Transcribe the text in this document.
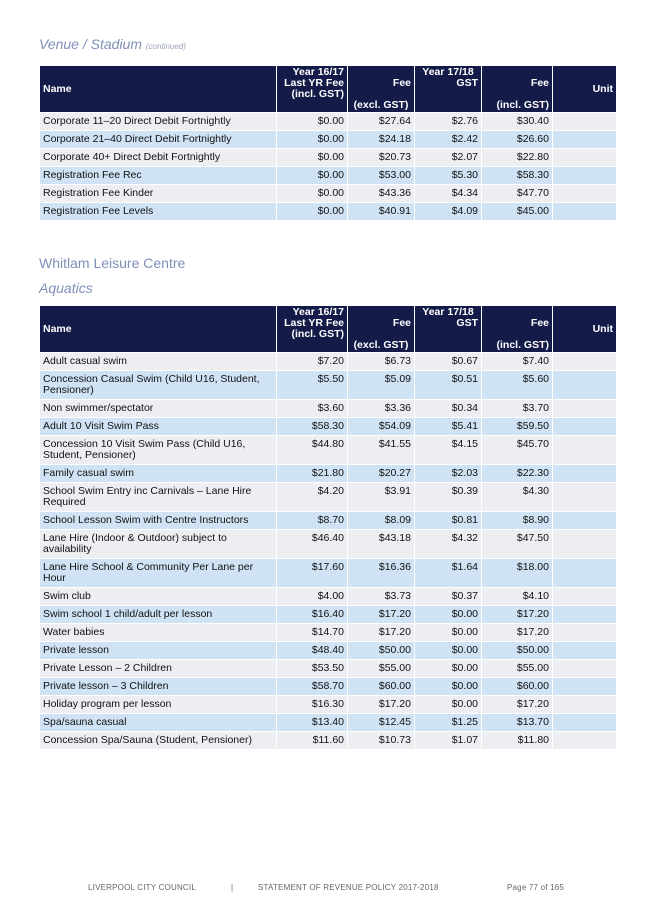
Venue / Stadium (continued)
Name	Year 16/17
Last YR Fee
(incl. GST)	Fee
(excl. GST)	Year 17/18
GST	Fee
(incl. GST)	Unit
Corporate 11–20 Direct Debit Fortnightly	$0.00	$27.64	$2.76	$30.40	
Corporate 21–40 Direct Debit Fortnightly	$0.00	$24.18	$2.42	$26.60	
Corporate 40+ Direct Debit Fortnightly	$0.00	$20.73	$2.07	$22.80	
Registration Fee Rec	$0.00	$53.00	$5.30	$58.30	
Registration Fee Kinder	$0.00	$43.36	$4.34	$47.70	
Registration Fee Levels	$0.00	$40.91	$4.09	$45.00	
Whitlam Leisure Centre
Aquatics
Name	Year 16/17
Last YR Fee
(incl. GST)	Fee
(excl. GST)	Year 17/18
GST	Fee
(incl. GST)	Unit
Adult casual swim	$7.20	$6.73	$0.67	$7.40	
Concession Casual Swim (Child U16, Student, Pensioner)	$5.50	$5.09	$0.51	$5.60	
Non swimmer/spectator	$3.60	$3.36	$0.34	$3.70	
Adult 10 Visit Swim Pass	$58.30	$54.09	$5.41	$59.50	
Concession 10 Visit Swim Pass (Child U16, Student, Pensioner)	$44.80	$41.55	$4.15	$45.70	
Family casual swim	$21.80	$20.27	$2.03	$22.30	
School Swim Entry inc Carnivals – Lane Hire Required	$4.20	$3.91	$0.39	$4.30	
School Lesson Swim with Centre Instructors	$8.70	$8.09	$0.81	$8.90	
Lane Hire (Indoor & Outdoor) subject to availability	$46.40	$43.18	$4.32	$47.50	
Lane Hire School & Community Per Lane per Hour	$17.60	$16.36	$1.64	$18.00	
Swim club	$4.00	$3.73	$0.37	$4.10	
Swim school 1 child/adult per lesson	$16.40	$17.20	$0.00	$17.20	
Water babies	$14.70	$17.20	$0.00	$17.20	
Private lesson	$48.40	$50.00	$0.00	$50.00	
Private Lesson – 2 Children	$53.50	$55.00	$0.00	$55.00	
Private lesson – 3 Children	$58.70	$60.00	$0.00	$60.00	
Holiday program per lesson	$16.30	$17.20	$0.00	$17.20	
Spa/sauna casual	$13.40	$12.45	$1.25	$13.70	
Concession Spa/Sauna (Student, Pensioner)	$11.60	$10.73	$1.07	$11.80	
LIVERPOOL CITY COUNCIL	|	STATEMENT OF REVENUE POLICY 2017-2018	Page 77 of 165
